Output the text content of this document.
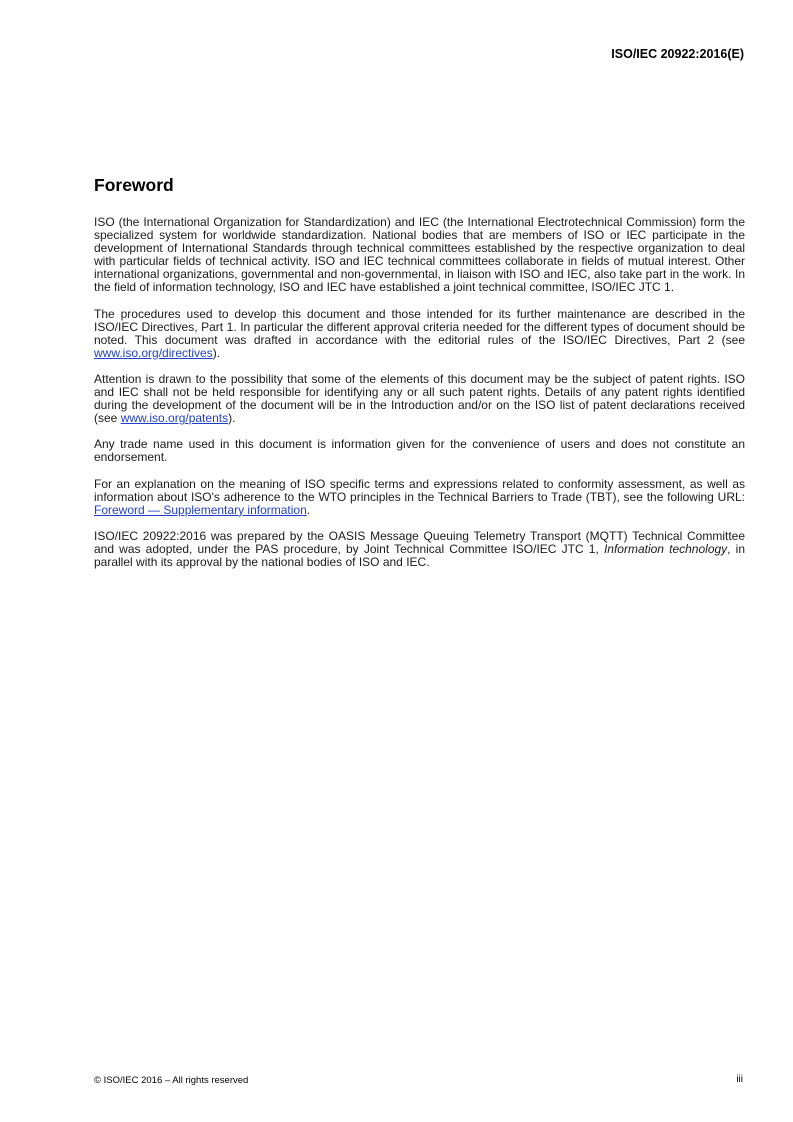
ISO/IEC 20922:2016(E)
Foreword

ISO (the International Organization for Standardization) and IEC (the International Electrotechnical Commission) form the specialized system for worldwide standardization. National bodies that are members of ISO or IEC participate in the development of International Standards through technical committees established by the respective organization to deal with particular fields of technical activity. ISO and IEC technical committees collaborate in fields of mutual interest. Other international organizations, governmental and non-governmental, in liaison with ISO and IEC, also take part in the work. In the field of information technology, ISO and IEC have established a joint technical committee, ISO/IEC JTC 1.

The procedures used to develop this document and those intended for its further maintenance are described in the ISO/IEC Directives, Part 1. In particular the different approval criteria needed for the different types of document should be noted. This document was drafted in accordance with the editorial rules of the ISO/IEC Directives, Part 2 (see www.iso.org/directives).

Attention is drawn to the possibility that some of the elements of this document may be the subject of patent rights. ISO and IEC shall not be held responsible for identifying any or all such patent rights. Details of any patent rights identified during the development of the document will be in the Introduction and/or on the ISO list of patent declarations received (see www.iso.org/patents).

Any trade name used in this document is information given for the convenience of users and does not constitute an endorsement.

For an explanation on the meaning of ISO specific terms and expressions related to conformity assessment, as well as information about ISO's adherence to the WTO principles in the Technical Barriers to Trade (TBT), see the following URL: Foreword — Supplementary information.

ISO/IEC 20922:2016 was prepared by the OASIS Message Queuing Telemetry Transport (MQTT) Technical Committee and was adopted, under the PAS procedure, by Joint Technical Committee ISO/IEC JTC 1, Information technology, in parallel with its approval by the national bodies of ISO and IEC.

© ISO/IEC 2016 – All rights reserved	iii
